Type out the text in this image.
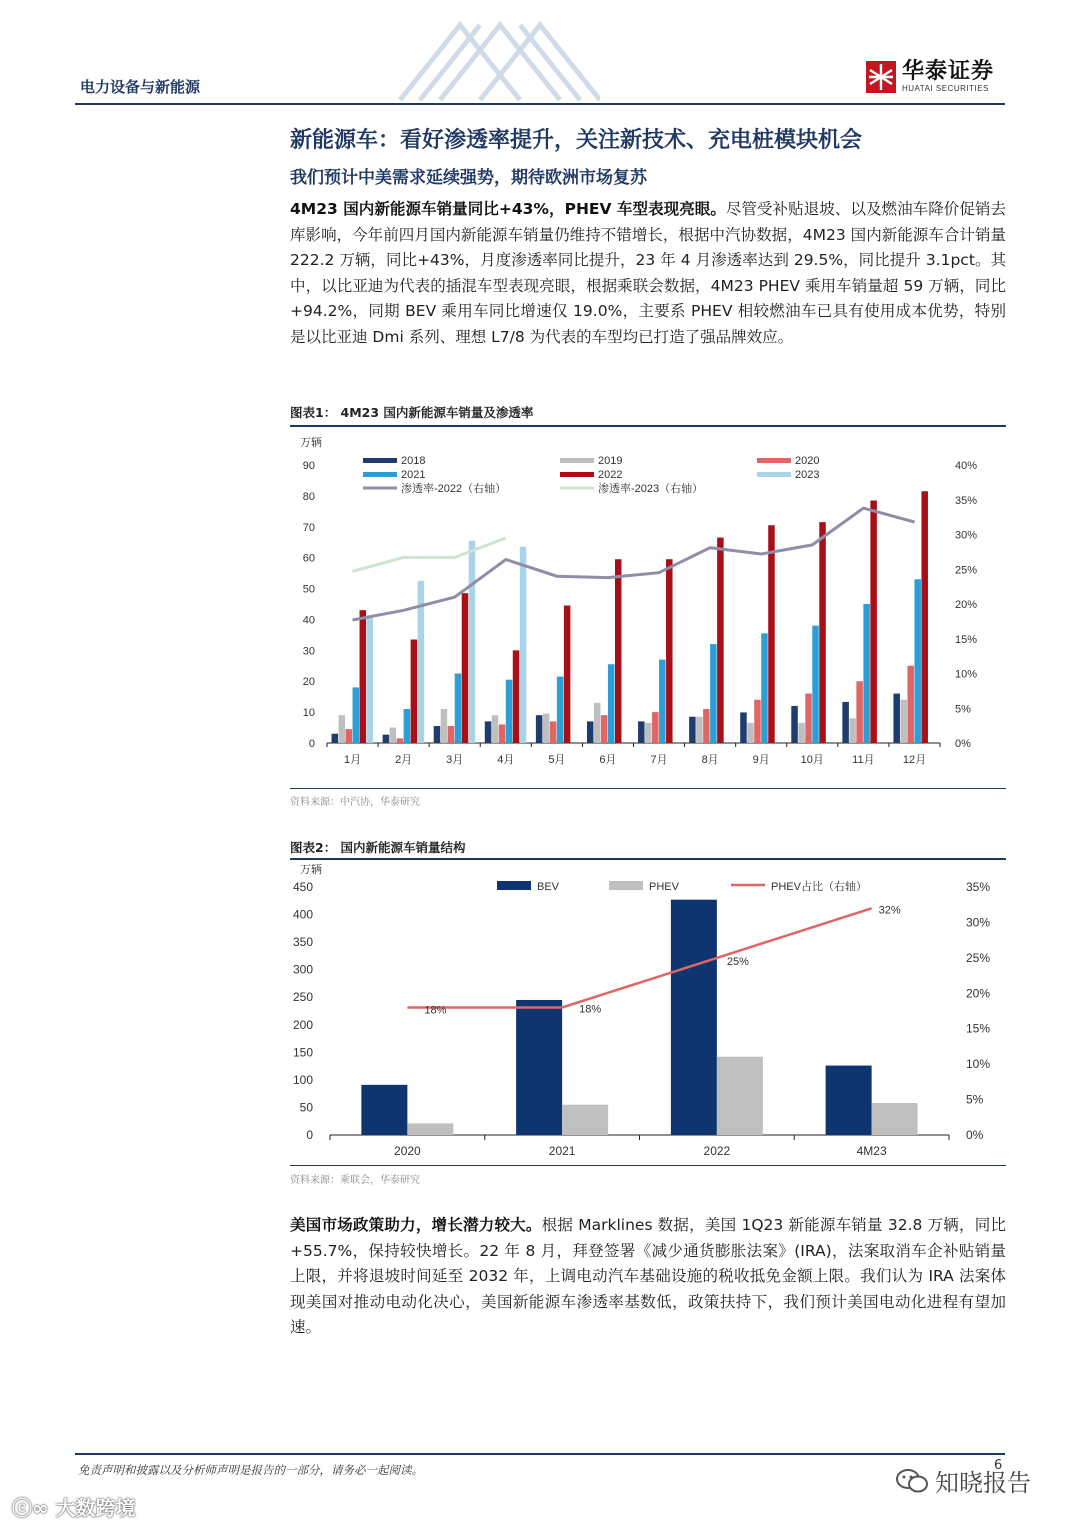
电力设备与新能源
华泰证券
HUATAI SECURITIES
新能源车：看好渗透率提升，关注新技术、充电桩模块机会
我们预计中美需求延续强势，期待欧洲市场复苏
4M23 国内新能源车销量同比+43%，PHEV 车型表现亮眼。尽管受补贴退坡、以及燃油车降价促销去库影响，今年前四月国内新能源车销量仍维持不错增长，根据中汽协数据，4M23 国内新能源车合计销量 222.2 万辆，同比+43%，月度渗透率同比提升，23 年 4 月渗透率达到 29.5%，同比提升 3.1pct。其中，以比亚迪为代表的插混车型表现亮眼，根据乘联会数据，4M23 PHEV 乘用车销量超 59 万辆，同比+94.2%，同期 BEV 乘用车同比增速仅 19.0%，主要系 PHEV 相较燃油车已具有使用成本优势，特别是以比亚迪 Dmi 系列、理想 L7/8 为代表的车型均已打造了强品牌效应。
图表1： 4M23 国内新能源车销量及渗透率
万辆
0
10
20
30
40
50
60
70
80
90
0%
5%
10%
15%
20%
25%
30%
35%
40%
1月	2月	3月	4月	5月	6月	7月	8月	9月	10月	11月	12月
2018	2019	2020
2021	2022	2023
渗透率-2022（右轴）	渗透率-2023（右轴）
资料来源：中汽协，华泰研究
图表2： 国内新能源车销量结构
万辆
0
50
100
150
200
250
300
350
400
450
0%
5%
10%
15%
20%
25%
30%
35%
2020	2021	2022	4M23
18%	18%
25%
32%
BEV	PHEV	PHEV占比（右轴）
资料来源：乘联会，华泰研究
美国市场政策助力，增长潜力较大。根据 Marklines 数据，美国 1Q23 新能源车销量 32.8 万辆，同比+55.7%，保持较快增长。22 年 8 月，拜登签署《减少通货膨胀法案》(IRA)，法案取消车企补贴销量上限，并将退坡时间延至 2032 年，上调电动汽车基础设施的税收抵免金额上限。我们认为 IRA 法案体现美国对推动电动化决心，美国新能源车渗透率基数低，政策扶持下，我们预计美国电动化进程有望加速。
免责声明和披露以及分析师声明是报告的一部分，请务必一起阅读。	6
知晓报告
ⓒ∞ 大数跨境
